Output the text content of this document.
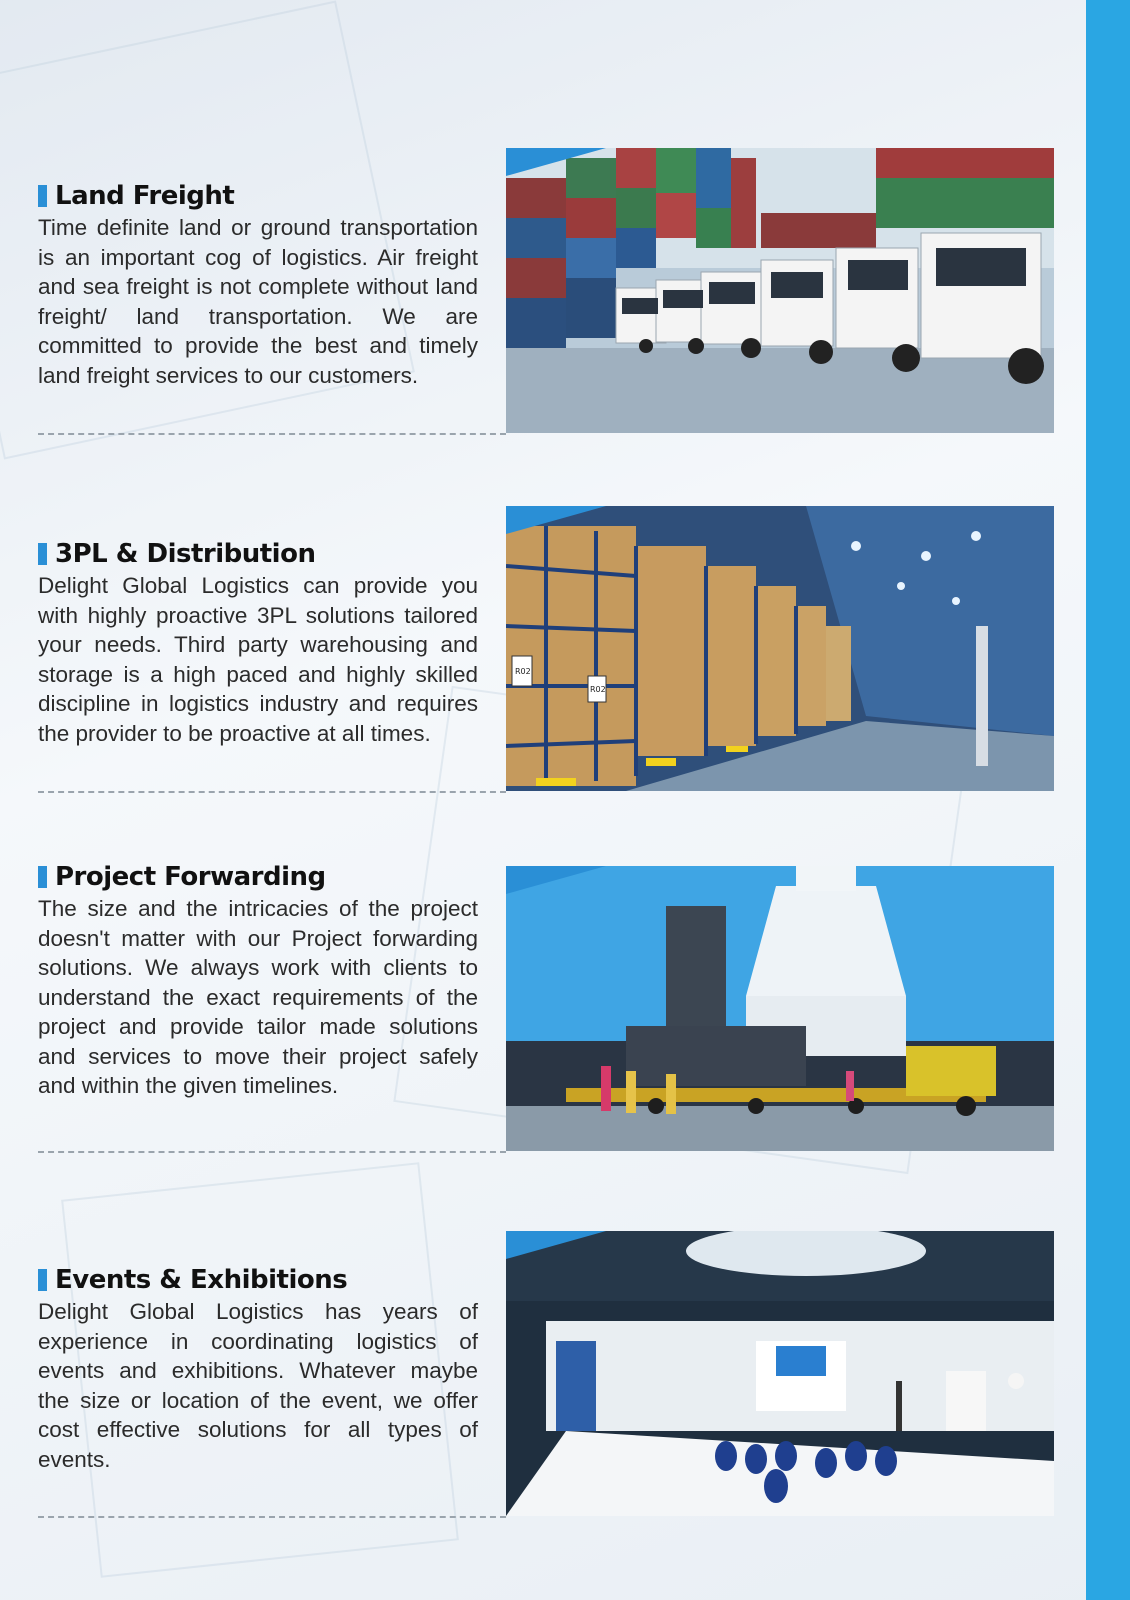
Land Freight

Time definite land or ground transportation is an important cog of logistics. Air freight and sea freight is not complete without land freight/ land transportation. We are committed to provide the best and timely land freight services to our customers.

3PL & Distribution

Delight Global Logistics can provide you with highly proactive 3PL solutions tailored your needs. Third party warehousing and storage is a high paced and highly skilled discipline in logistics industry and requires the provider to be proactive at all times.

R02
R02
Project Forwarding

The size and the intricacies of the project doesn't matter with our Project forwarding solutions. We always work with clients to understand the exact requirements of the project and provide tailor made solutions and services to move their project safely and within the given timelines.

Events & Exhibitions

Delight Global Logistics has years of experience in coordinating logistics of events and exhibitions. Whatever maybe the size or location of the event, we offer cost effective solutions for all types of events.
